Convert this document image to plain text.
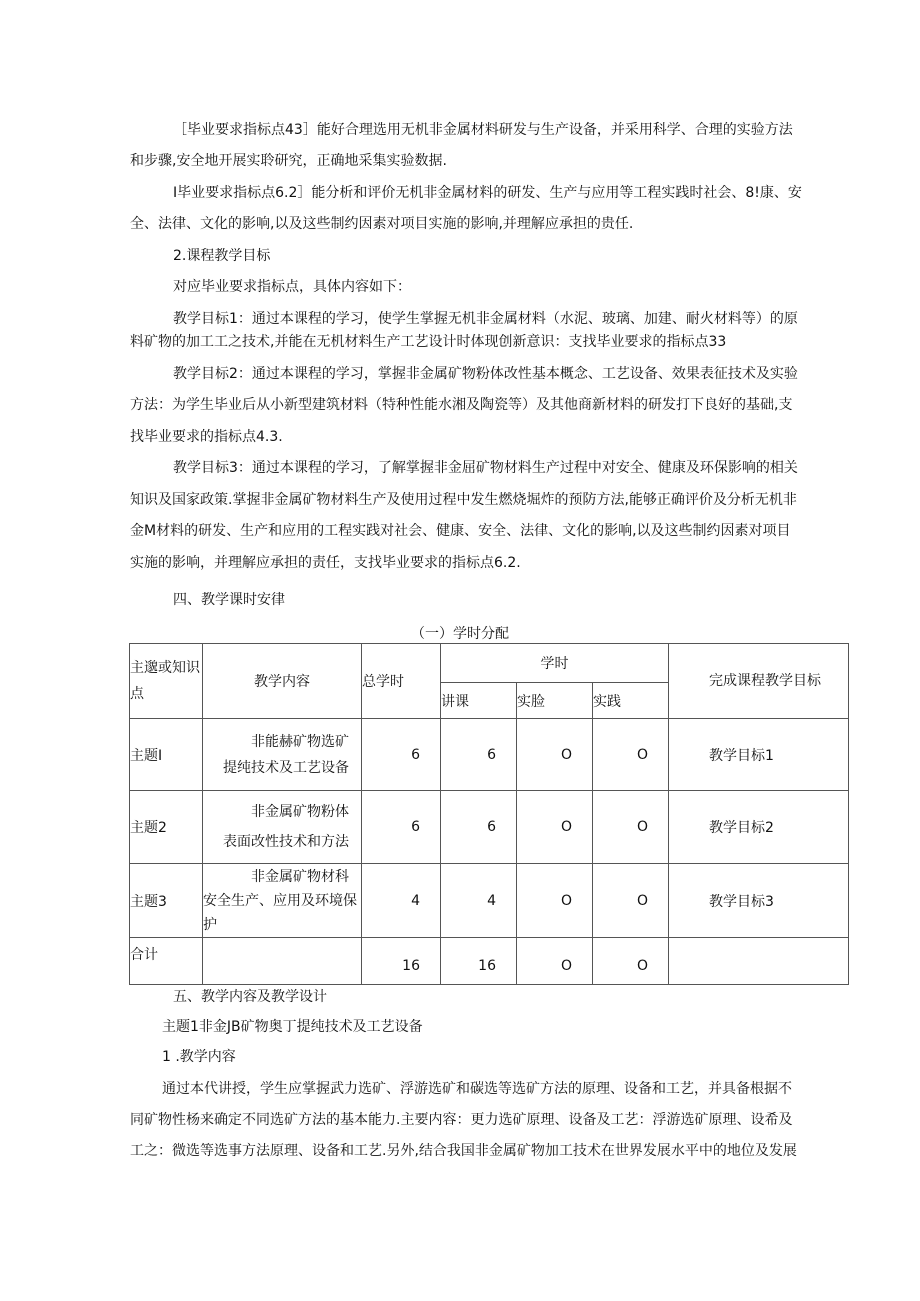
［毕业要求指标点43］能好合理选用无机非金属材料研发与生产设备，并采用科学、合理的实验方法
和步骤,安全地开展实聆研究，正确地采集实验数据.
I毕业要求指标点6.2］能分析和评价无机非金属材料的研发、生产与应用等工程实践时社会、8!康、安
全、法律、文化的影响,以及这些制约因素对项目实施的影响,并理解应承担的贵任.
2.课程教学目标
对应毕业要求指标点，具体内容如下：
教学目标1：通过本课程的学习，使学生掌握无机非金属材料（水泥、玻璃、加建、耐火材料等）的原
料矿物的加工工之技术,并能在无机材料生产工艺设计时体现创新意识：支找毕业要求的指标点33
教学目标2：通过本课程的学习，掌握非金属矿物粉体改性基本概念、工艺设备、效果表征技术及实验
方法：为学生毕业后从小新型建筑材料（特种性能水湘及陶瓷等）及其他商新材料的研发打下良好的基础,支
找毕业要求的指标点4.3.
教学目标3：通过本课程的学习，了解掌握非金屈矿物材料生产过程中对安全、健康及环保影响的相关
知识及国家政策.掌握非金属矿物材料生产及使用过程中发生燃烧堀炸的预防方法,能够正确评价及分析无机非
金M材料的研发、生产和应用的工程实践对社会、健康、安全、法律、文化的影响,以及这些制约因素对项目
实施的影响，并理解应承担的责任，支找毕业要求的指标点6.2.
四、教学课时安律
（一）学时分配
主邈或知识点	教学内容	总学时	学时			完成课程教学目标
			讲课	实脸	实践	
主题I	非能赫矿物选矿提纯技术及工艺设备	6	6	O	O	教学目标1
主题2	非金属矿物粉体表面改性技术和方法	6	6	O	O	教学目标2
主题3	非金属矿物材科安全生产、应用及环境保护	4	4	O	O	教学目标3
合计		16	16	O	O	
五、教学内容及教学设计
主题1非金JB矿物奥丁提纯技术及工艺设备
1 .教学内容
通过本代讲授，学生应掌握武力选矿、浮游选矿和碳选等选矿方法的原理、设备和工艺，并具备根据不
同矿物性杨来确定不同选矿方法的基本能力.主要内容：更力选矿原理、设备及工艺：浮游选矿原理、设希及
工之：微选等选事方法原理、设备和工艺.另外,结合我国非金属矿物加工技术在世界发展水平中的地位及发展
